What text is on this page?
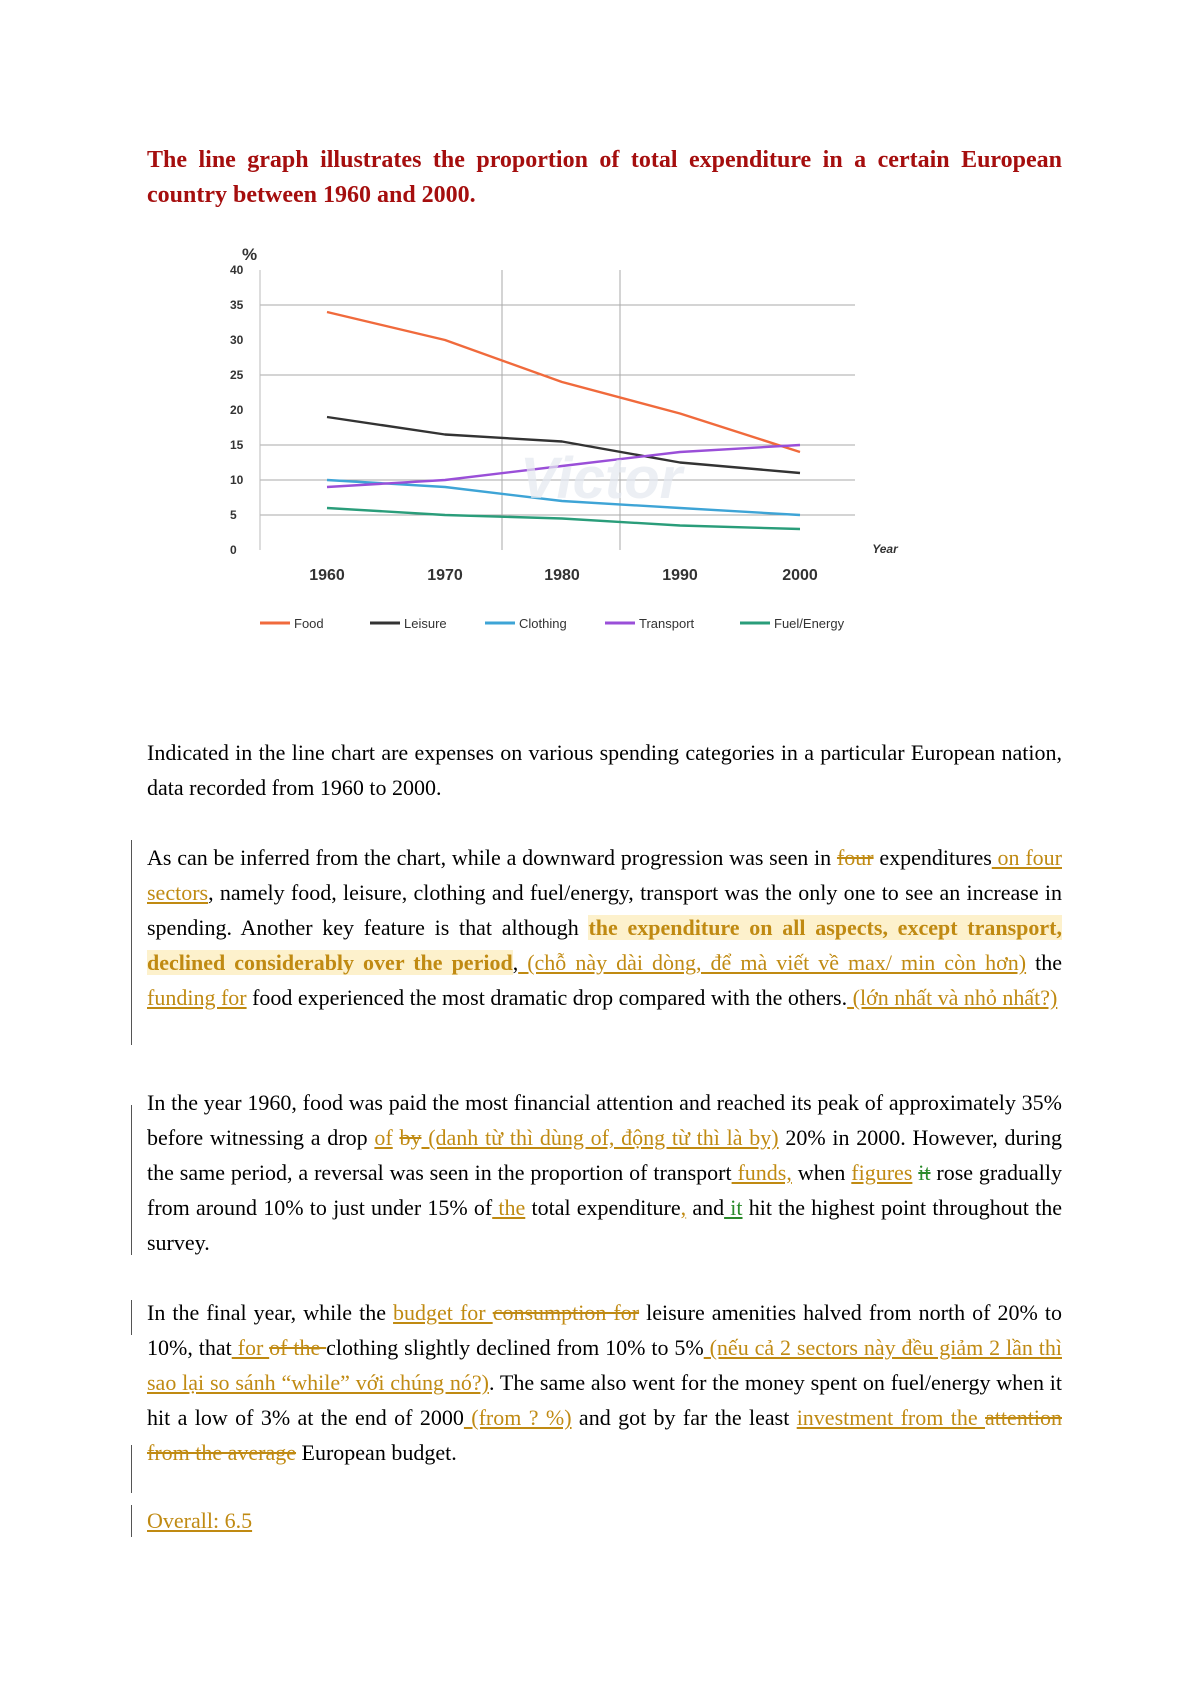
The line graph illustrates the proportion of total expenditure in a certain European country between 1960 and 2000.

%
0
5
10
15
20
25
30
35
40
1960	1970	1980	1990	2000
Year
Food	Leisure	Clothing	Transport	Fuel/Energy
Victor

Indicated in the line chart are expenses on various spending categories in a particular European nation, data recorded from 1960 to 2000.

As can be inferred from the chart, while a downward progression was seen in four expenditures on four sectors, namely food, leisure, clothing and fuel/energy, transport was the only one to see an increase in spending. Another key feature is that although the expenditure on all aspects, except transport, declined considerably over the period, (chỗ này dài dòng, để mà viết về max/ min còn hơn) the funding for food experienced the most dramatic drop compared with the others. (lớn nhất và nhỏ nhất?)

In the year 1960, food was paid the most financial attention and reached its peak of approximately 35% before witnessing a drop of by (danh từ thì dùng of, động từ thì là by) 20% in 2000. However, during the same period, a reversal was seen in the proportion of transport funds, when figures it rose gradually from around 10% to just under 15% of the total expenditure, and it hit the highest point throughout the survey.

In the final year, while the budget for consumption for leisure amenities halved from north of 20% to 10%, that for of the clothing slightly declined from 10% to 5% (nếu cả 2 sectors này đều giảm 2 lần thì sao lại so sánh “while” với chúng nó?). The same also went for the money spent on fuel/energy when it hit a low of 3% at the end of 2000 (from ? %) and got by far the least investment from the attention from the average European budget.

Overall: 6.5
